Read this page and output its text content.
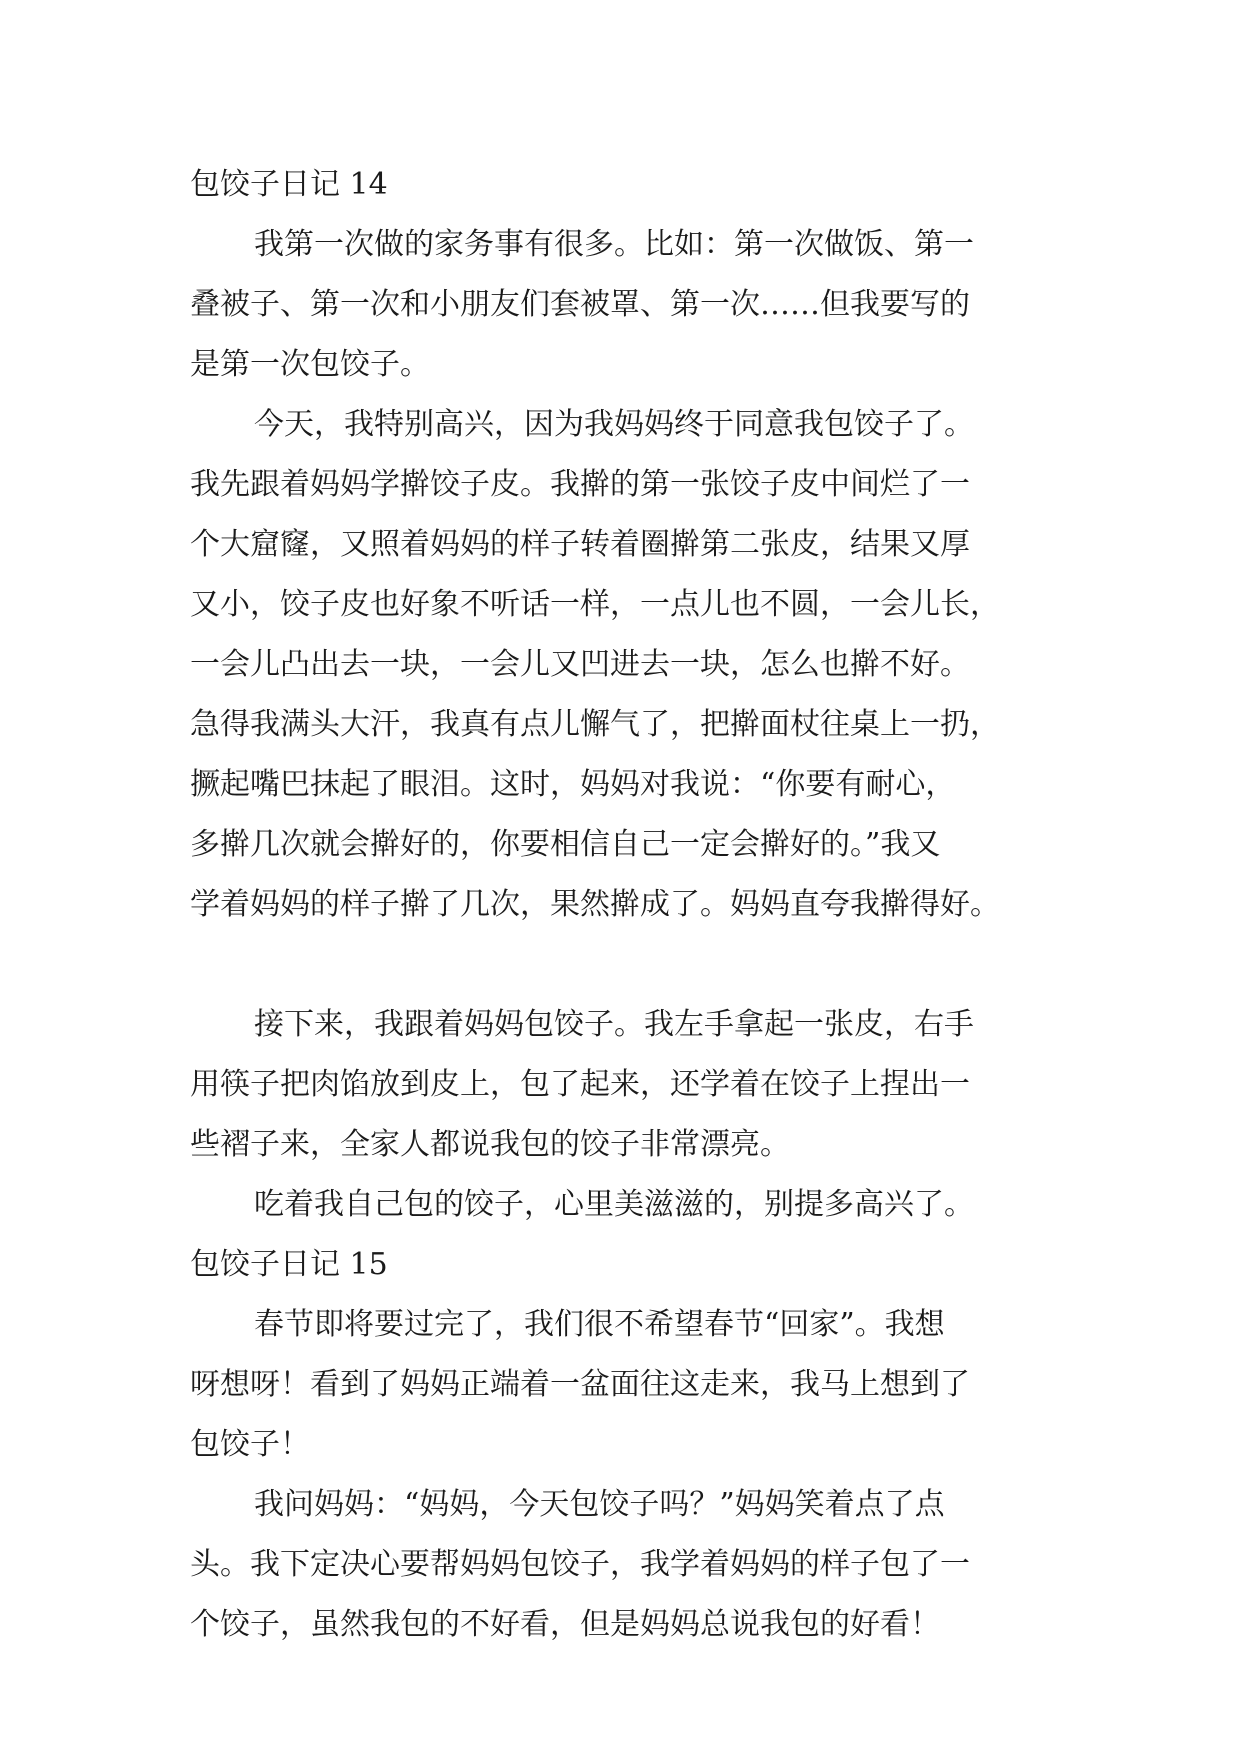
包饺子日记 14
我第一次做的家务事有很多。比如：第一次做饭、第一
叠被子、第一次和小朋友们套被罩、第一次……但我要写的
是第一次包饺子。
今天，我特别高兴，因为我妈妈终于同意我包饺子了。
我先跟着妈妈学擀饺子皮。我擀的第一张饺子皮中间烂了一
个大窟窿，又照着妈妈的样子转着圈擀第二张皮，结果又厚
又小，饺子皮也好象不听话一样，一点儿也不圆，一会儿长，
一会儿凸出去一块，一会儿又凹进去一块，怎么也擀不好。
急得我满头大汗，我真有点儿懈气了，把擀面杖往桌上一扔，
撅起嘴巴抹起了眼泪。这时，妈妈对我说：“你要有耐心，
多擀几次就会擀好的，你要相信自己一定会擀好的。”我又
学着妈妈的样子擀了几次，果然擀成了。妈妈直夸我擀得好。
接下来，我跟着妈妈包饺子。我左手拿起一张皮，右手
用筷子把肉馅放到皮上，包了起来，还学着在饺子上捏出一
些褶子来，全家人都说我包的饺子非常漂亮。
吃着我自己包的饺子，心里美滋滋的，别提多高兴了。
包饺子日记 15
春节即将要过完了，我们很不希望春节“回家”。我想
呀想呀！看到了妈妈正端着一盆面往这走来，我马上想到了
包饺子！
我问妈妈：“妈妈，今天包饺子吗？”妈妈笑着点了点
头。我下定决心要帮妈妈包饺子，我学着妈妈的样子包了一
个饺子，虽然我包的不好看，但是妈妈总说我包的好看！
